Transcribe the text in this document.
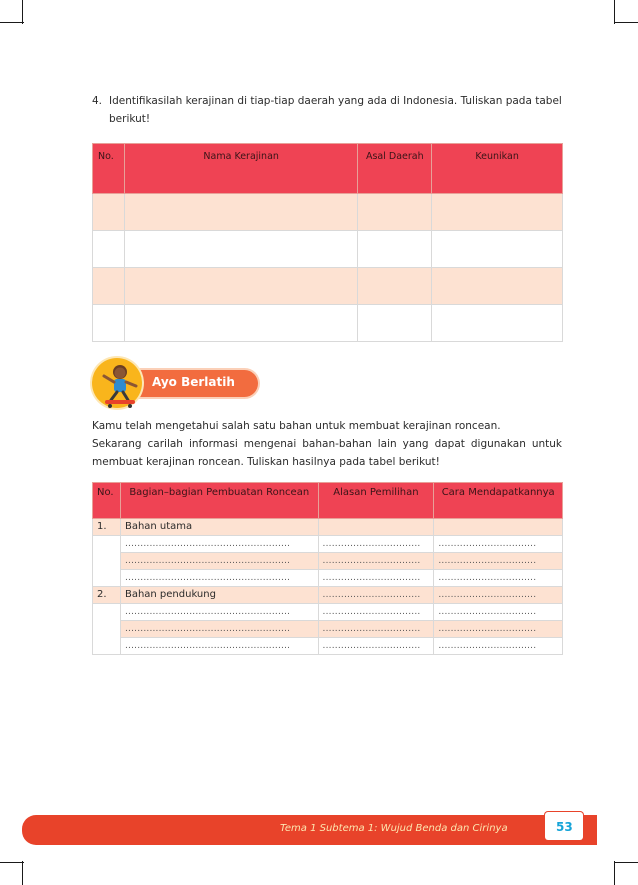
4. Identifikasilah kerajinan di tiap-tiap daerah yang ada di Indonesia. Tuliskan pada tabel berikut!
No.	Nama Kerajinan	Asal Daerah	Keunikan

Ayo Berlatih

Kamu telah mengetahui salah satu bahan untuk membuat kerajinan roncean.

Sekarang carilah informasi mengenai bahan-bahan lain yang dapat digunakan untuk membuat kerajinan roncean. Tuliskan hasilnya pada tabel berikut!

No.	Bagian–bagian Pembuatan Roncean	Alasan Pemilihan	Cara Mendapatkannya
1.	Bahan utama		
	......................................................	................................	................................
	......................................................	................................	................................
	......................................................	................................	................................
2.	Bahan pendukung	................................	................................
	......................................................	................................	................................
	......................................................	................................	................................
	......................................................	................................	................................
Tema 1 Subtema 1: Wujud Benda dan Cirinya	53
